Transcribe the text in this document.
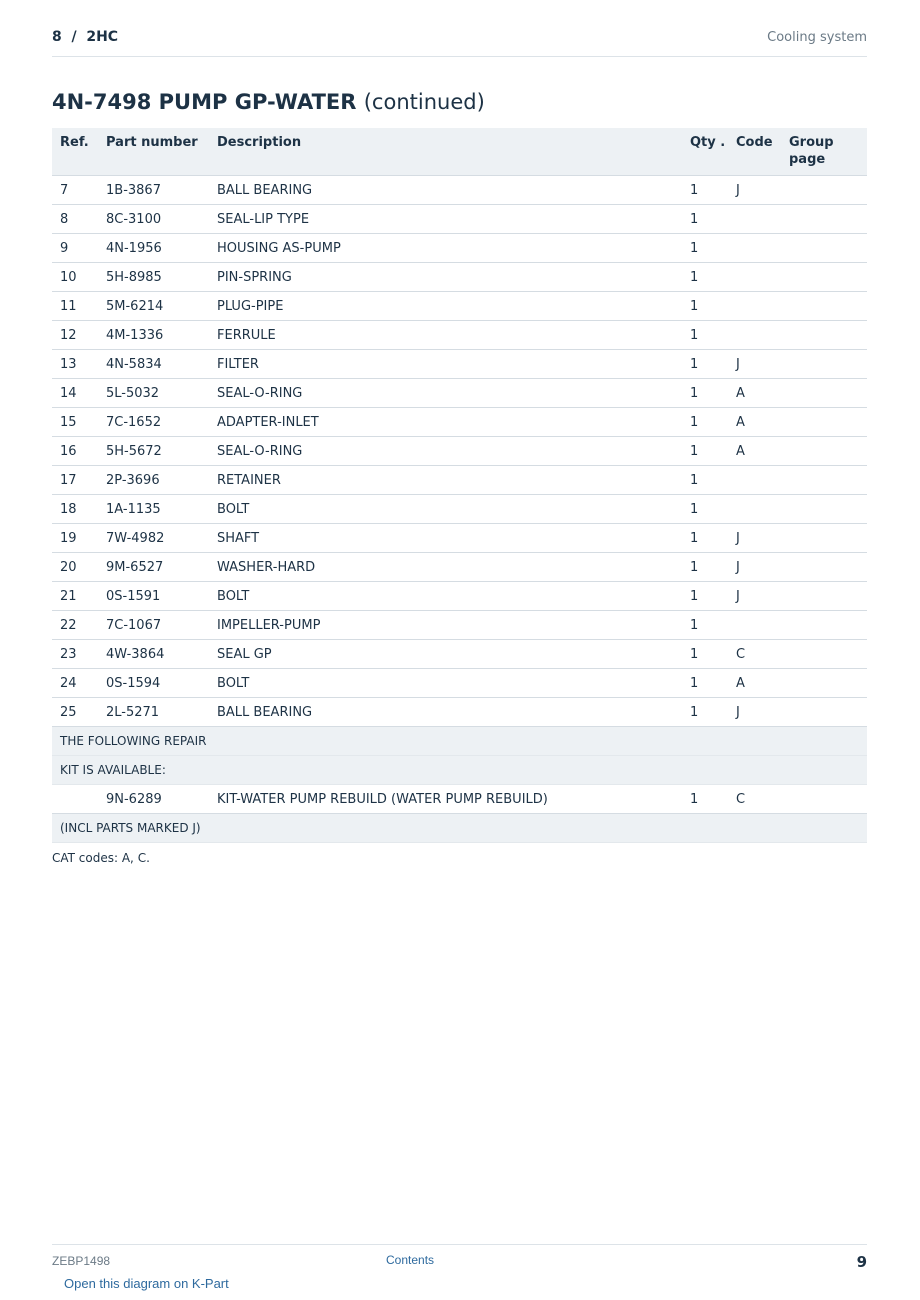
8  /  2HC	Cooling system
4N-7498 PUMP GP-WATER (continued)
Ref.	Part number	Description	Qty .	Code	Group page
7	1B-3867	BALL BEARING	1	J	
8	8C-3100	SEAL-LIP TYPE	1		
9	4N-1956	HOUSING AS-PUMP	1		
10	5H-8985	PIN-SPRING	1		
11	5M-6214	PLUG-PIPE	1		
12	4M-1336	FERRULE	1		
13	4N-5834	FILTER	1	J	
14	5L-5032	SEAL-O-RING	1	A	
15	7C-1652	ADAPTER-INLET	1	A	
16	5H-5672	SEAL-O-RING	1	A	
17	2P-3696	RETAINER	1		
18	1A-1135	BOLT	1		
19	7W-4982	SHAFT	1	J	
20	9M-6527	WASHER-HARD	1	J	
21	0S-1591	BOLT	1	J	
22	7C-1067	IMPELLER-PUMP	1		
23	4W-3864	SEAL GP	1	C	
24	0S-1594	BOLT	1	A	
25	2L-5271	BALL BEARING	1	J	
THE FOLLOWING REPAIR					
KIT IS AVAILABLE:					
	9N-6289	KIT-WATER PUMP REBUILD (WATER PUMP REBUILD)	1	C	
(INCL PARTS MARKED J)					
CAT codes: A, C.
ZEBP1498	Contents	9
Open this diagram on K-Part
